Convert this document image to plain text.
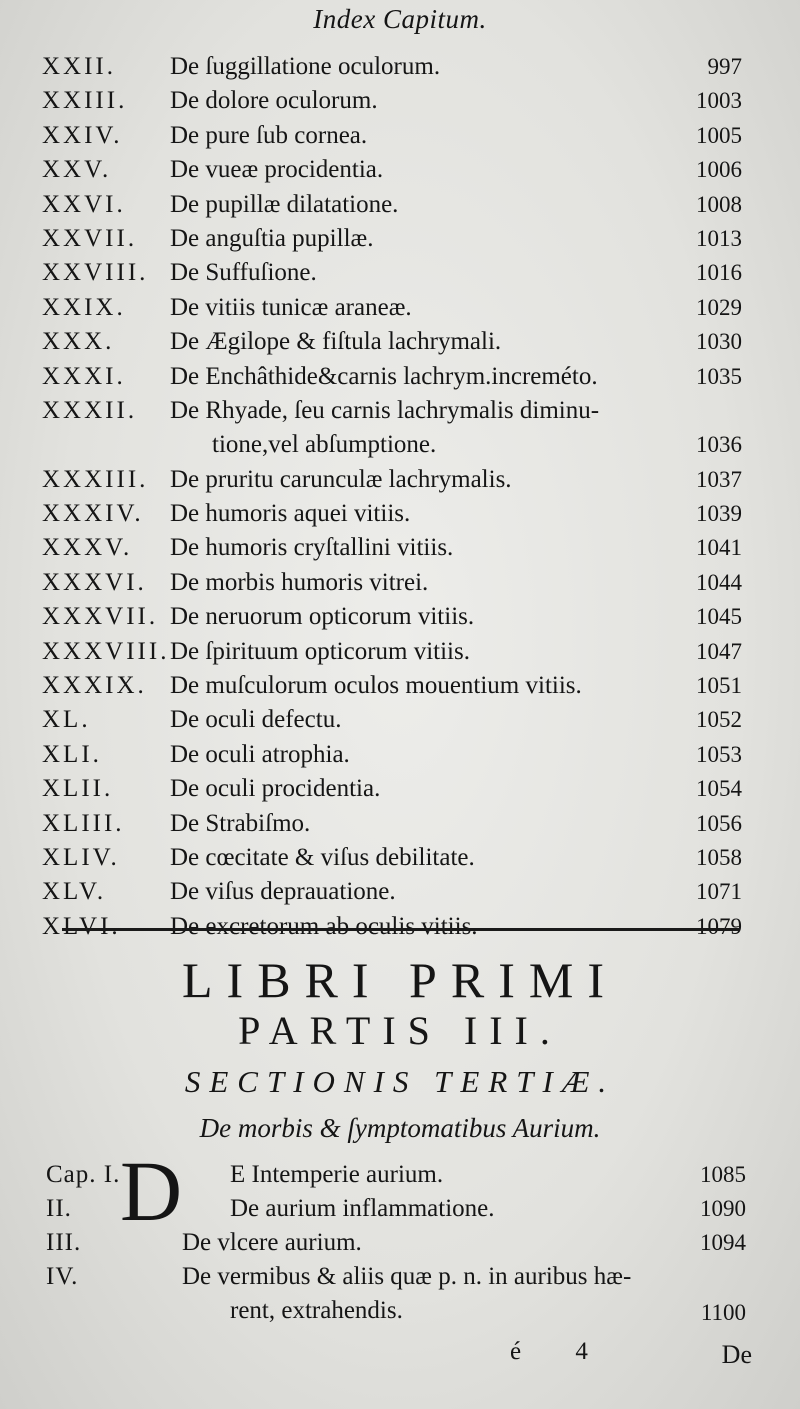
Index Capitum.
XXII. De ſuggillatione oculorum.	997
XXIII. De dolore oculorum.	1003
XXIV. De pure ſub cornea.	1005
XXV. De vueæ procidentia.	1006
XXVI. De pupillæ dilatatione.	1008
XXVII. De anguſtia pupillæ.	1013
XXVIII. De Suffuſione.	1016
XXIX. De vitiis tunicæ araneæ.	1029
XXX. De Ægilope & fiſtula lachrymali.	1030
XXXI. De Enchâthide&carnis lachrym.increméto.	1035
XXXII. De Rhyade, ſeu carnis lachrymalis diminu-
tione,vel abſumptione.	1036
XXXIII. De pruritu carunculæ lachrymalis.	1037
XXXIV. De humoris aquei vitiis.	1039
XXXV. De humoris cryſtallini vitiis.	1041
XXXVI. De morbis humoris vitrei.	1044
XXXVII. De neruorum opticorum vitiis.	1045
XXXVIII. De ſpirituum opticorum vitiis.	1047
XXXIX. De muſculorum oculos mouentium vitiis.	1051
XL.	De oculi defectu.	1052
XLI.	De oculi atrophia.	1053
XLII. De oculi procidentia.	1054
XLIII. De Strabiſmo.	1056
XLIV. De cœcitate & viſus debilitate.	1058
XLV.	De viſus deprauatione.	1071
XLVI. De excretorum ab oculis vitiis.	1079
LIBRI PRIMI
PARTIS III.
SECTIONIS TERTIÆ.
De morbis & ſymptomatibus Aurium.
D
Cap. I.	E Intemperie aurium.	1085
II.	De aurium inflammatione.	1090
III.	De vlcere aurium.	1094
IV.	De vermibus & aliis quæ p. n. in auribus hæ-
rent, extrahendis.	1100
é 4	De
